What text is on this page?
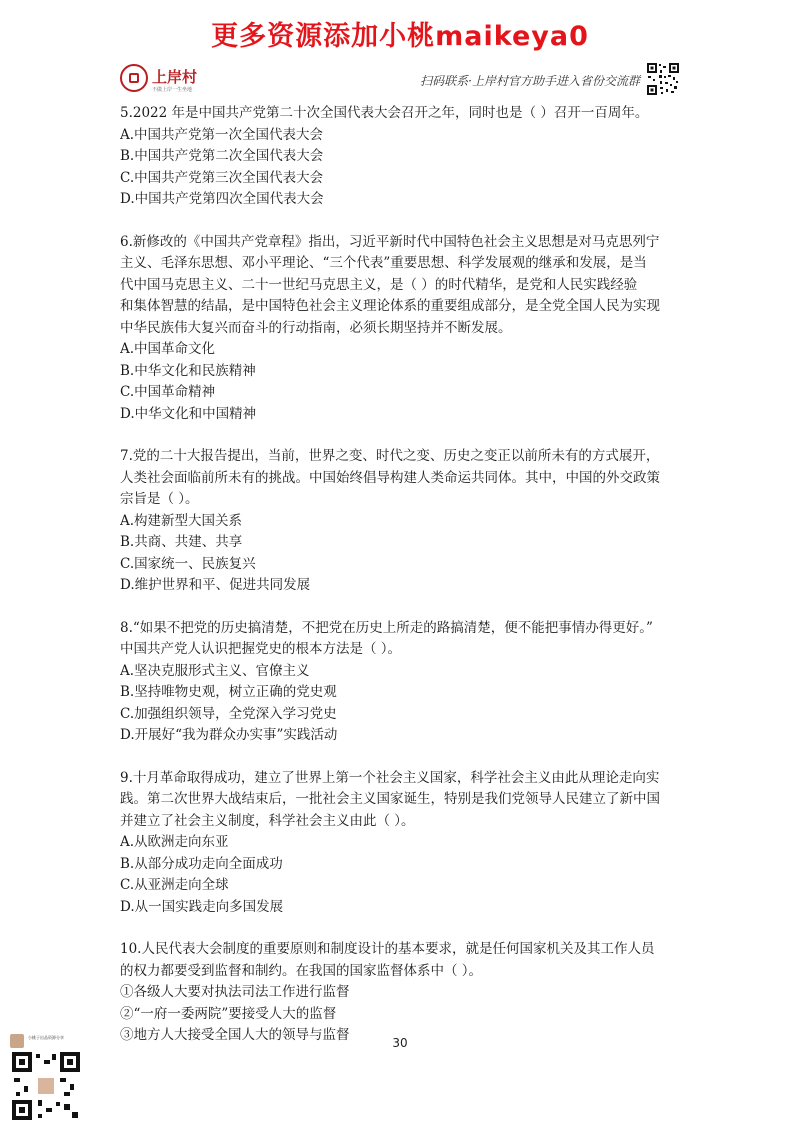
更多资源添加小桃maikeya0
上岸村
不做上岸一生坐地
扫码联系·上岸村官方助手进入省份交流群
5.2022 年是中国共产党第二十次全国代表大会召开之年，同时也是（ ）召开一百周年。
A.中国共产党第一次全国代表大会
B.中国共产党第二次全国代表大会
C.中国共产党第三次全国代表大会
D.中国共产党第四次全国代表大会
6.新修改的《中国共产党章程》指出，习近平新时代中国特色社会主义思想是对马克思列宁
主义、毛泽东思想、邓小平理论、“三个代表”重要思想、科学发展观的继承和发展，是当
代中国马克思主义、二十一世纪马克思主义，是（ ）的时代精华，是党和人民实践经验
和集体智慧的结晶，是中国特色社会主义理论体系的重要组成部分，是全党全国人民为实现
中华民族伟大复兴而奋斗的行动指南，必须长期坚持并不断发展。
A.中国革命文化
B.中华文化和民族精神
C.中国革命精神
D.中华文化和中国精神
7.党的二十大报告提出，当前，世界之变、时代之变、历史之变正以前所未有的方式展开，
人类社会面临前所未有的挑战。中国始终倡导构建人类命运共同体。其中，中国的外交政策
宗旨是（ ）。
A.构建新型大国关系
B.共商、共建、共享
C.国家统一、民族复兴
D.维护世界和平、促进共同发展
8.“如果不把党的历史搞清楚，不把党在历史上所走的路搞清楚，便不能把事情办得更好。”
中国共产党人认识把握党史的根本方法是（ ）。
A.坚决克服形式主义、官僚主义
B.坚持唯物史观，树立正确的党史观
C.加强组织领导，全党深入学习党史
D.开展好“我为群众办实事”实践活动
9.十月革命取得成功，建立了世界上第一个社会主义国家，科学社会主义由此从理论走向实
践。第二次世界大战结束后，一批社会主义国家诞生，特别是我们党领导人民建立了新中国
并建立了社会主义制度，科学社会主义由此（ ）。
A.从欧洲走向东亚
B.从部分成功走向全面成功
C.从亚洲走向全球
D.从一国实践走向多国发展
10.人民代表大会制度的重要原则和制度设计的基本要求，就是任何国家机关及其工作人员
的权力都要受到监督和制约。在我国的国家监督体系中（ ）。
①各级人大要对执法司法工作进行监督
②“一府一委两院”要接受人大的监督
③地方人大接受全国人大的领导与监督	30
小桃子出品资源分享
